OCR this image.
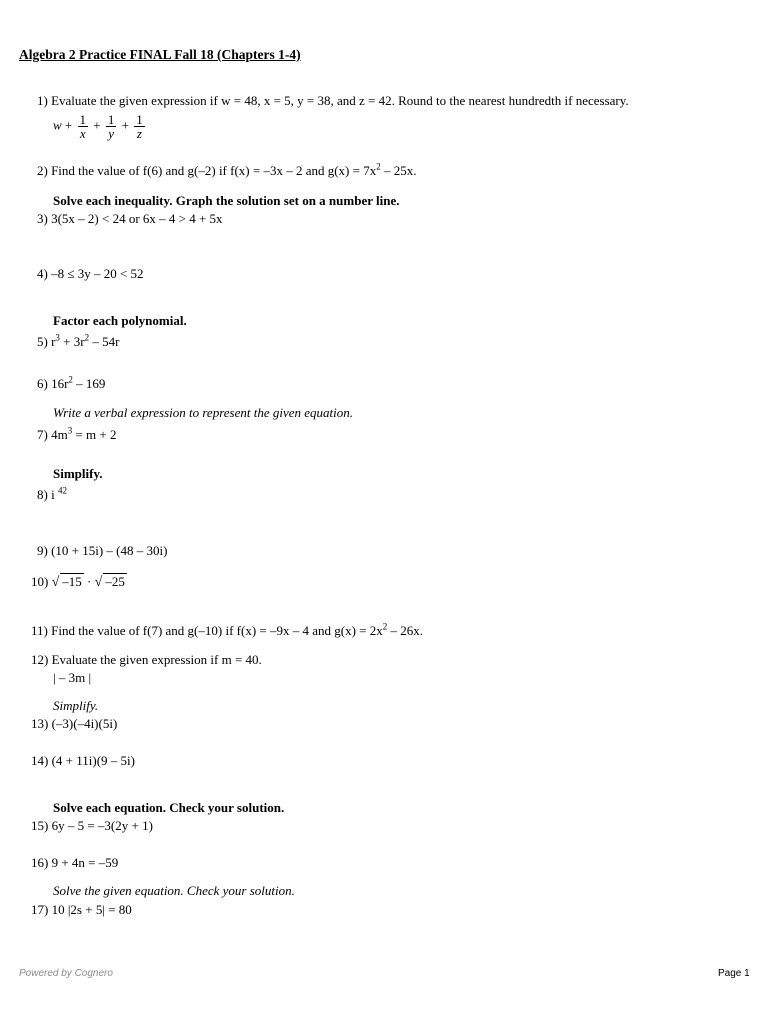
Algebra 2 Practice FINAL Fall 18 (Chapters 1-4)
1) Evaluate the given expression if w = 48, x = 5, y = 38, and z = 42. Round to the nearest hundredth if necessary.
$w + \frac{1}{x} + \frac{1}{y} + \frac{1}{z}$
2) Find the value of f(6) and g(–2) if f(x) = –3x – 2 and $g(x) = 7x^2 - 25x$.
Solve each inequality. Graph the solution set on a number line.
3) 3(5x – 2) < 24 or 6x – 4 > 4 + 5x
4) –8 ≤ 3y – 20 < 52
Factor each polynomial.
5) $r^3 + 3r^2 - 54r$
6) $16r^2 - 169$
Write a verbal expression to represent the given equation.
7) $4m^3 = m + 2$
Simplify.
8) i $^{42}$
9) (10 + 15i) – (48 – 30i)
10) √ –15 · √ –25
11) Find the value of f(7) and g(–10) if f(x) = –9x – 4 and $g(x) = 2x^2 - 26x$.
12) Evaluate the given expression if m = 40.
| – 3m |
Simplify.
13) (–3)(–4i)(5i)
14) (4 + 11i)(9 – 5i)
Solve each equation. Check your solution.
15) 6y – 5 = –3(2y + 1)
16) 9 + 4n = –59
Solve the given equation. Check your solution.
17) 10 |2s + 5| = 80
Powered by Cognero	Page 1
